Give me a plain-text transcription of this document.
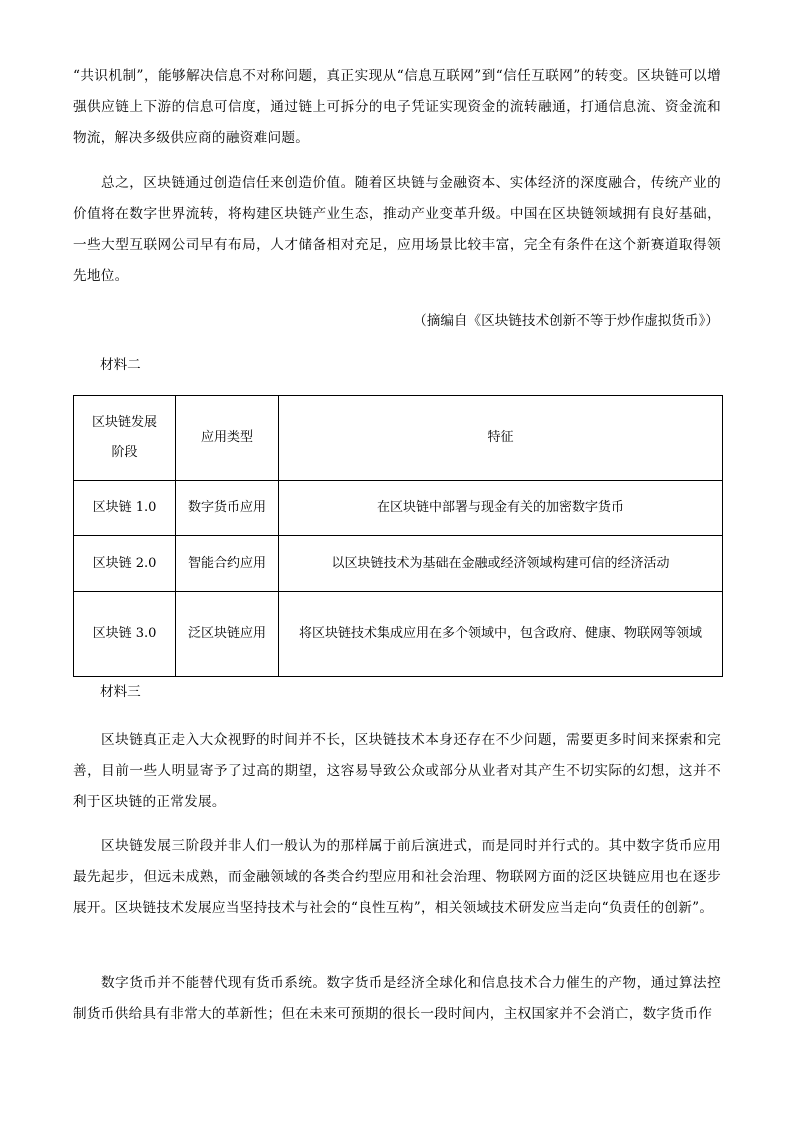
“共识机制”，能够解决信息不对称问题，真正实现从“信息互联网”到“信任互联网”的转变。区块链可以增强供应链上下游的信息可信度，通过链上可拆分的电子凭证实现资金的流转融通，打通信息流、资金流和物流，解决多级供应商的融资难问题。

总之，区块链通过创造信任来创造价值。随着区块链与金融资本、实体经济的深度融合，传统产业的价值将在数字世界流转，将构建区块链产业生态，推动产业变革升级。中国在区块链领域拥有良好基础，一些大型互联网公司早有布局，人才储备相对充足，应用场景比较丰富，完全有条件在这个新赛道取得领先地位。

（摘编自《区块链技术创新不等于炒作虚拟货币》）

材料二

区块链发展阶段	应用类型	特征
区块链 1.0	数字货币应用	在区块链中部署与现金有关的加密数字货币
区块链 2.0	智能合约应用	以区块链技术为基础在金融或经济领域构建可信的经济活动
区块链 3.0	泛区块链应用	将区块链技术集成应用在多个领域中，包含政府、健康、物联网等领域

材料三

区块链真正走入大众视野的时间并不长，区块链技术本身还存在不少问题，需要更多时间来探索和完善，目前一些人明显寄予了过高的期望，这容易导致公众或部分从业者对其产生不切实际的幻想，这并不利于区块链的正常发展。

区块链发展三阶段并非人们一般认为的那样属于前后演进式，而是同时并行式的。其中数字货币应用最先起步，但远未成熟，而金融领域的各类合约型应用和社会治理、物联网方面的泛区块链应用也在逐步展开。区块链技术发展应当坚持技术与社会的“良性互构”，相关领域技术研发应当走向“负责任的创新”。

数字货币并不能替代现有货币系统。数字货币是经济全球化和信息技术合力催生的产物，通过算法控制货币供给具有非常大的革新性；但在未来可预期的很长一段时间内，主权国家并不会消亡，数字货币作
